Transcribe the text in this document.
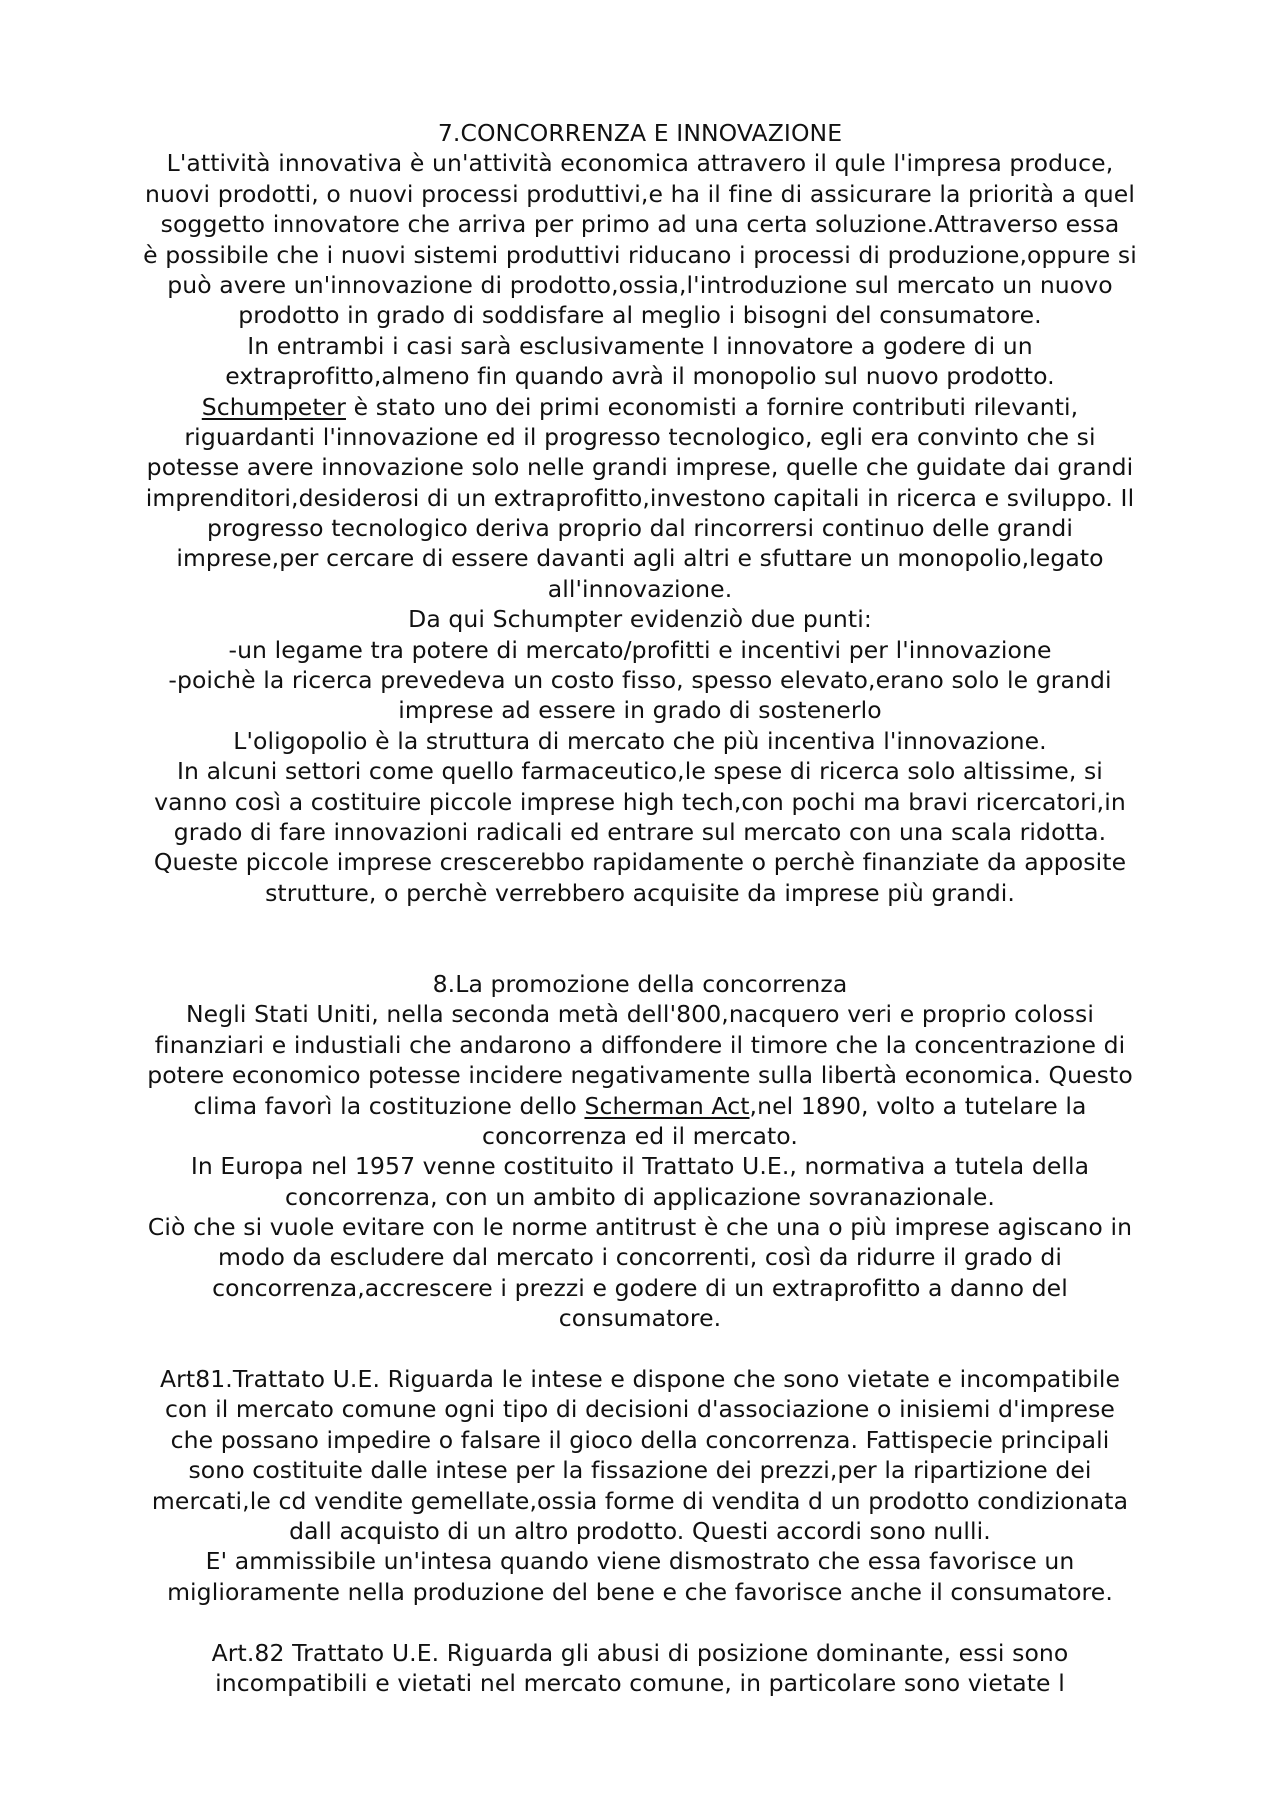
7.CONCORRENZA E INNOVAZIONE
L'attività innovativa è un'attività economica attravero il qule l'impresa produce,
nuovi prodotti, o nuovi processi produttivi,e ha il fine di assicurare la priorità a quel
soggetto innovatore che arriva per primo ad una certa soluzione.Attraverso essa
è possibile che i nuovi sistemi produttivi riducano i processi di produzione,oppure si
può avere un'innovazione di prodotto,ossia,l'introduzione sul mercato un nuovo
prodotto in grado di soddisfare al meglio i bisogni del consumatore.
In entrambi i casi sarà esclusivamente l innovatore a godere di un
extraprofitto,almeno fin quando avrà il monopolio sul nuovo prodotto.
Schumpeter è stato uno dei primi economisti a fornire contributi rilevanti,
riguardanti l'innovazione ed il progresso tecnologico, egli era convinto che si
potesse avere innovazione solo nelle grandi imprese, quelle che guidate dai grandi
imprenditori,desiderosi di un extraprofitto,investono capitali in ricerca e sviluppo. Il
progresso tecnologico deriva proprio dal rincorrersi continuo delle grandi
imprese,per cercare di essere davanti agli altri e sfuttare un monopolio,legato
all'innovazione.
Da qui Schumpter evidenziò due punti:
-un legame tra potere di mercato/profitti e incentivi per l'innovazione
-poichè la ricerca prevedeva un costo fisso, spesso elevato,erano solo le grandi
imprese ad essere in grado di sostenerlo
L'oligopolio è la struttura di mercato che più incentiva l'innovazione.
In alcuni settori come quello farmaceutico,le spese di ricerca solo altissime, si
vanno così a costituire piccole imprese high tech,con pochi ma bravi ricercatori,in
grado di fare innovazioni radicali ed entrare sul mercato con una scala ridotta.
Queste piccole imprese crescerebbo rapidamente o perchè finanziate da apposite
strutture, o perchè verrebbero acquisite da imprese più grandi.
8.La promozione della concorrenza
Negli Stati Uniti, nella seconda metà dell'800,nacquero veri e proprio colossi
finanziari e industiali che andarono a diffondere il timore che la concentrazione di
potere economico potesse incidere negativamente sulla libertà economica. Questo
clima favorì la costituzione dello Scherman Act,nel 1890, volto a tutelare la
concorrenza ed il mercato.
In Europa nel 1957 venne costituito il Trattato U.E., normativa a tutela della
concorrenza, con un ambito di applicazione sovranazionale.
Ciò che si vuole evitare con le norme antitrust è che una o più imprese agiscano in
modo da escludere dal mercato i concorrenti, così da ridurre il grado di
concorrenza,accrescere i prezzi e godere di un extraprofitto a danno del
consumatore.
Art81.Trattato U.E. Riguarda le intese e dispone che sono vietate e incompatibile
con il mercato comune ogni tipo di decisioni d'associazione o inisiemi d'imprese
che possano impedire o falsare il gioco della concorrenza. Fattispecie principali
sono costituite dalle intese per la fissazione dei prezzi,per la ripartizione dei
mercati,le cd vendite gemellate,ossia forme di vendita d un prodotto condizionata
dall acquisto di un altro prodotto. Questi accordi sono nulli.
E' ammissibile un'intesa quando viene dismostrato che essa favorisce un
miglioramente nella produzione del bene e che favorisce anche il consumatore.
Art.82 Trattato U.E. Riguarda gli abusi di posizione dominante, essi sono
incompatibili e vietati nel mercato comune, in particolare sono vietate l
